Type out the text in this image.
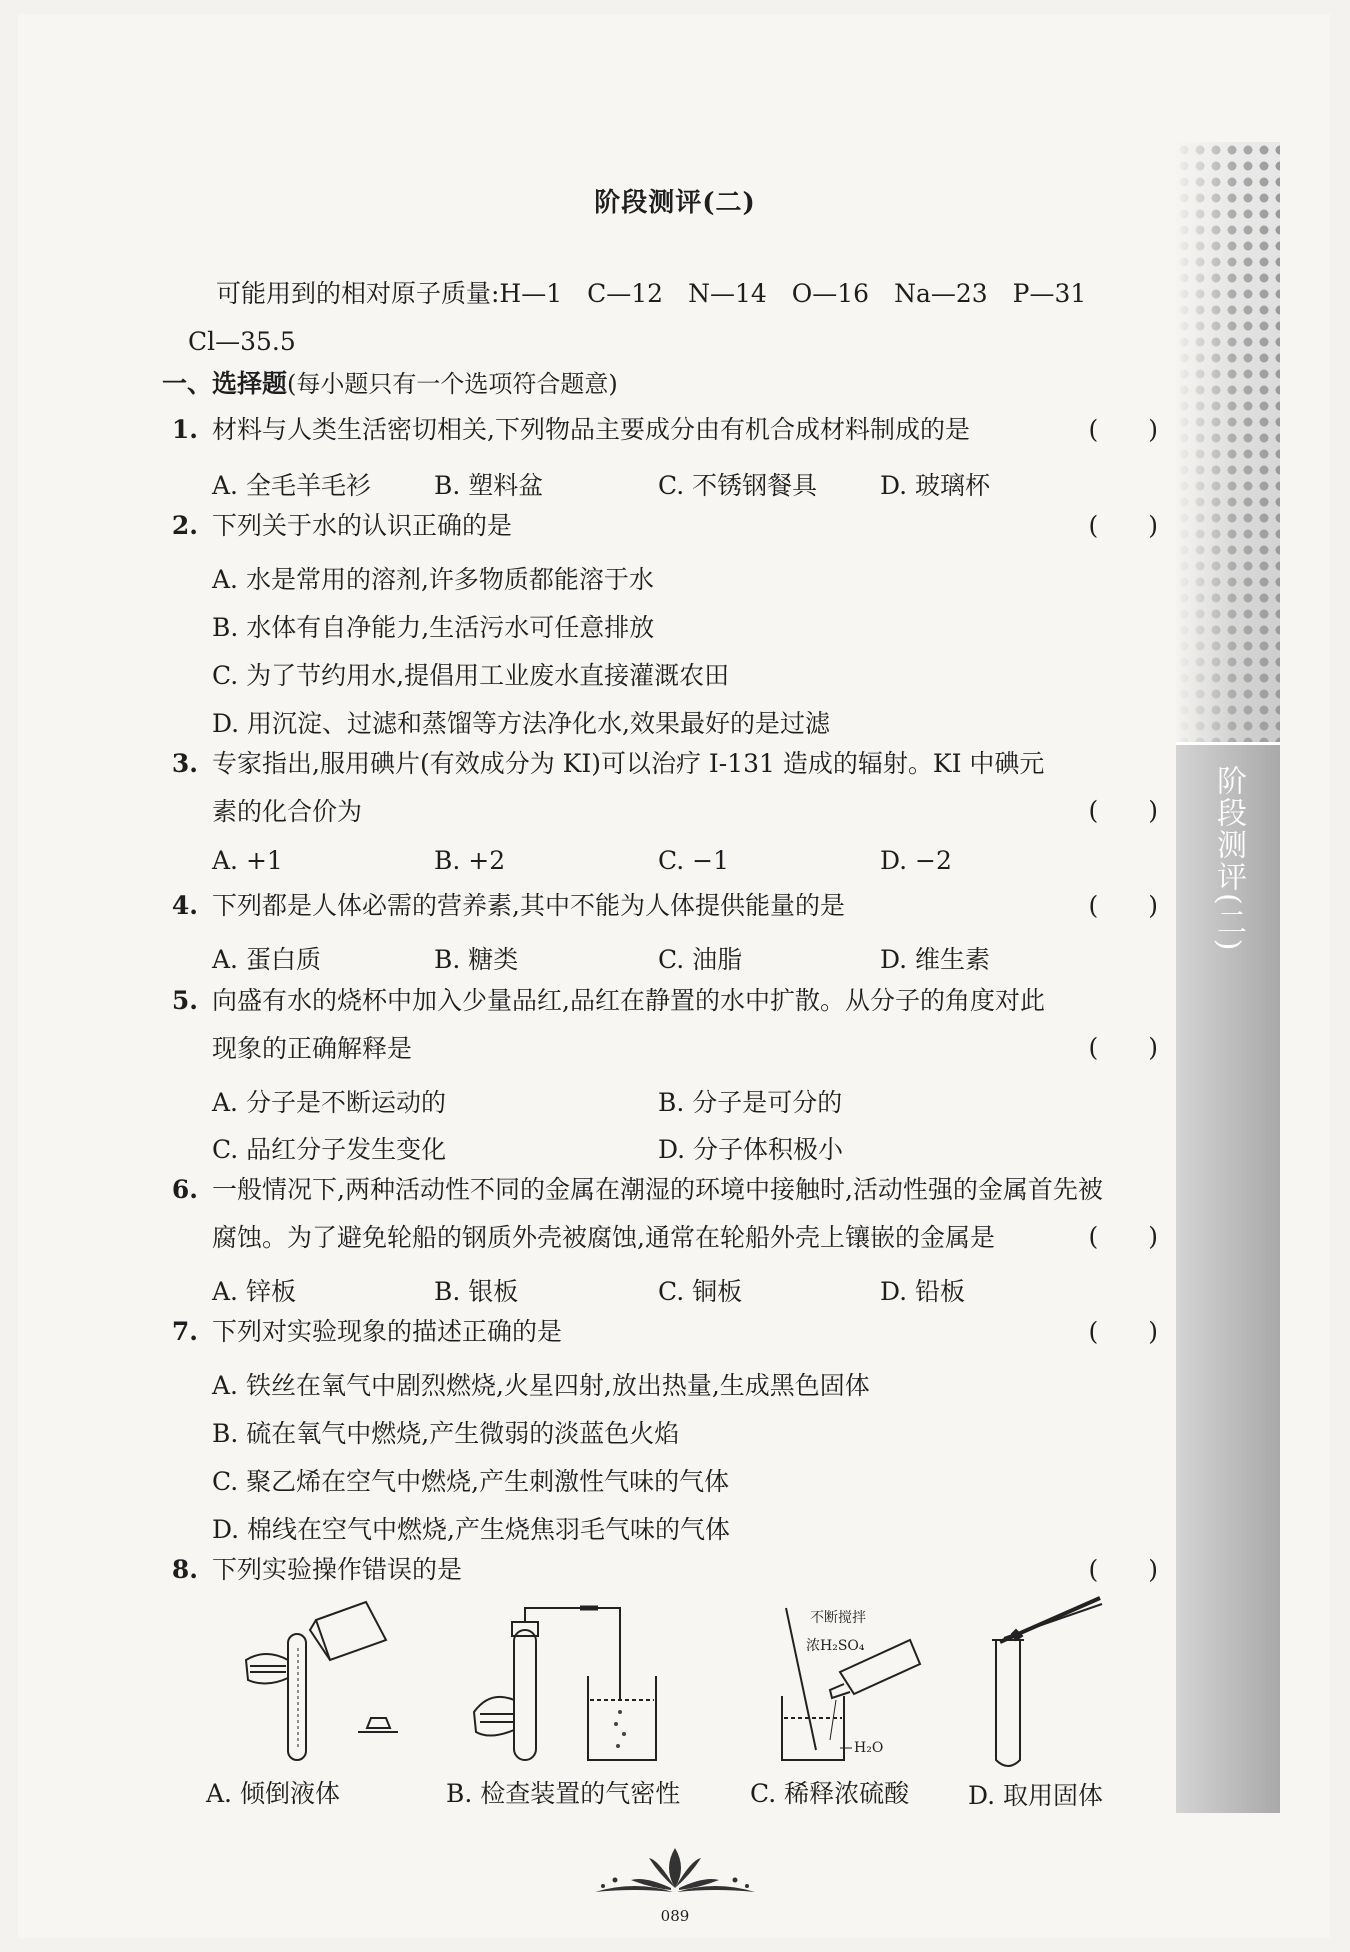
阶段测评(二)
可能用到的相对原子质量:H—1　C—12　N—14　O—16　Na—23　P—31
Cl—35.5
一、选择题(每小题只有一个选项符合题意)
1. 材料与人类生活密切相关,下列物品主要成分由有机合成材料制成的是	(　　)
A. 全毛羊毛衫	B. 塑料盆	C. 不锈钢餐具	D. 玻璃杯
2. 下列关于水的认识正确的是	(　　)
A. 水是常用的溶剂,许多物质都能溶于水
B. 水体有自净能力,生活污水可任意排放
C. 为了节约用水,提倡用工业废水直接灌溉农田
D. 用沉淀、过滤和蒸馏等方法净化水,效果最好的是过滤
3. 专家指出,服用碘片(有效成分为 KI)可以治疗 I-131 造成的辐射。KI 中碘元
素的化合价为	(　　)
A. +1	B. +2	C. −1	D. −2
4. 下列都是人体必需的营养素,其中不能为人体提供能量的是	(　　)
A. 蛋白质	B. 糖类	C. 油脂	D. 维生素
5. 向盛有水的烧杯中加入少量品红,品红在静置的水中扩散。从分子的角度对此
现象的正确解释是	(　　)
A. 分子是不断运动的	B. 分子是可分的
C. 品红分子发生变化	D. 分子体积极小
6. 一般情况下,两种活动性不同的金属在潮湿的环境中接触时,活动性强的金属首先被
腐蚀。为了避免轮船的钢质外壳被腐蚀,通常在轮船外壳上镶嵌的金属是	(　　)
A. 锌板	B. 银板	C. 铜板	D. 铅板
7. 下列对实验现象的描述正确的是	(　　)
A. 铁丝在氧气中剧烈燃烧,火星四射,放出热量,生成黑色固体
B. 硫在氧气中燃烧,产生微弱的淡蓝色火焰
C. 聚乙烯在空气中燃烧,产生刺激性气味的气体
D. 棉线在空气中燃烧,产生烧焦羽毛气味的气体
8. 下列实验操作错误的是	(　　)
A. 倾倒液体	B. 检查装置的气密性
不断搅拌
浓H₂SO₄
H₂O
C. 稀释浓硫酸 D. 取用固体
089
阶段测评(二)
